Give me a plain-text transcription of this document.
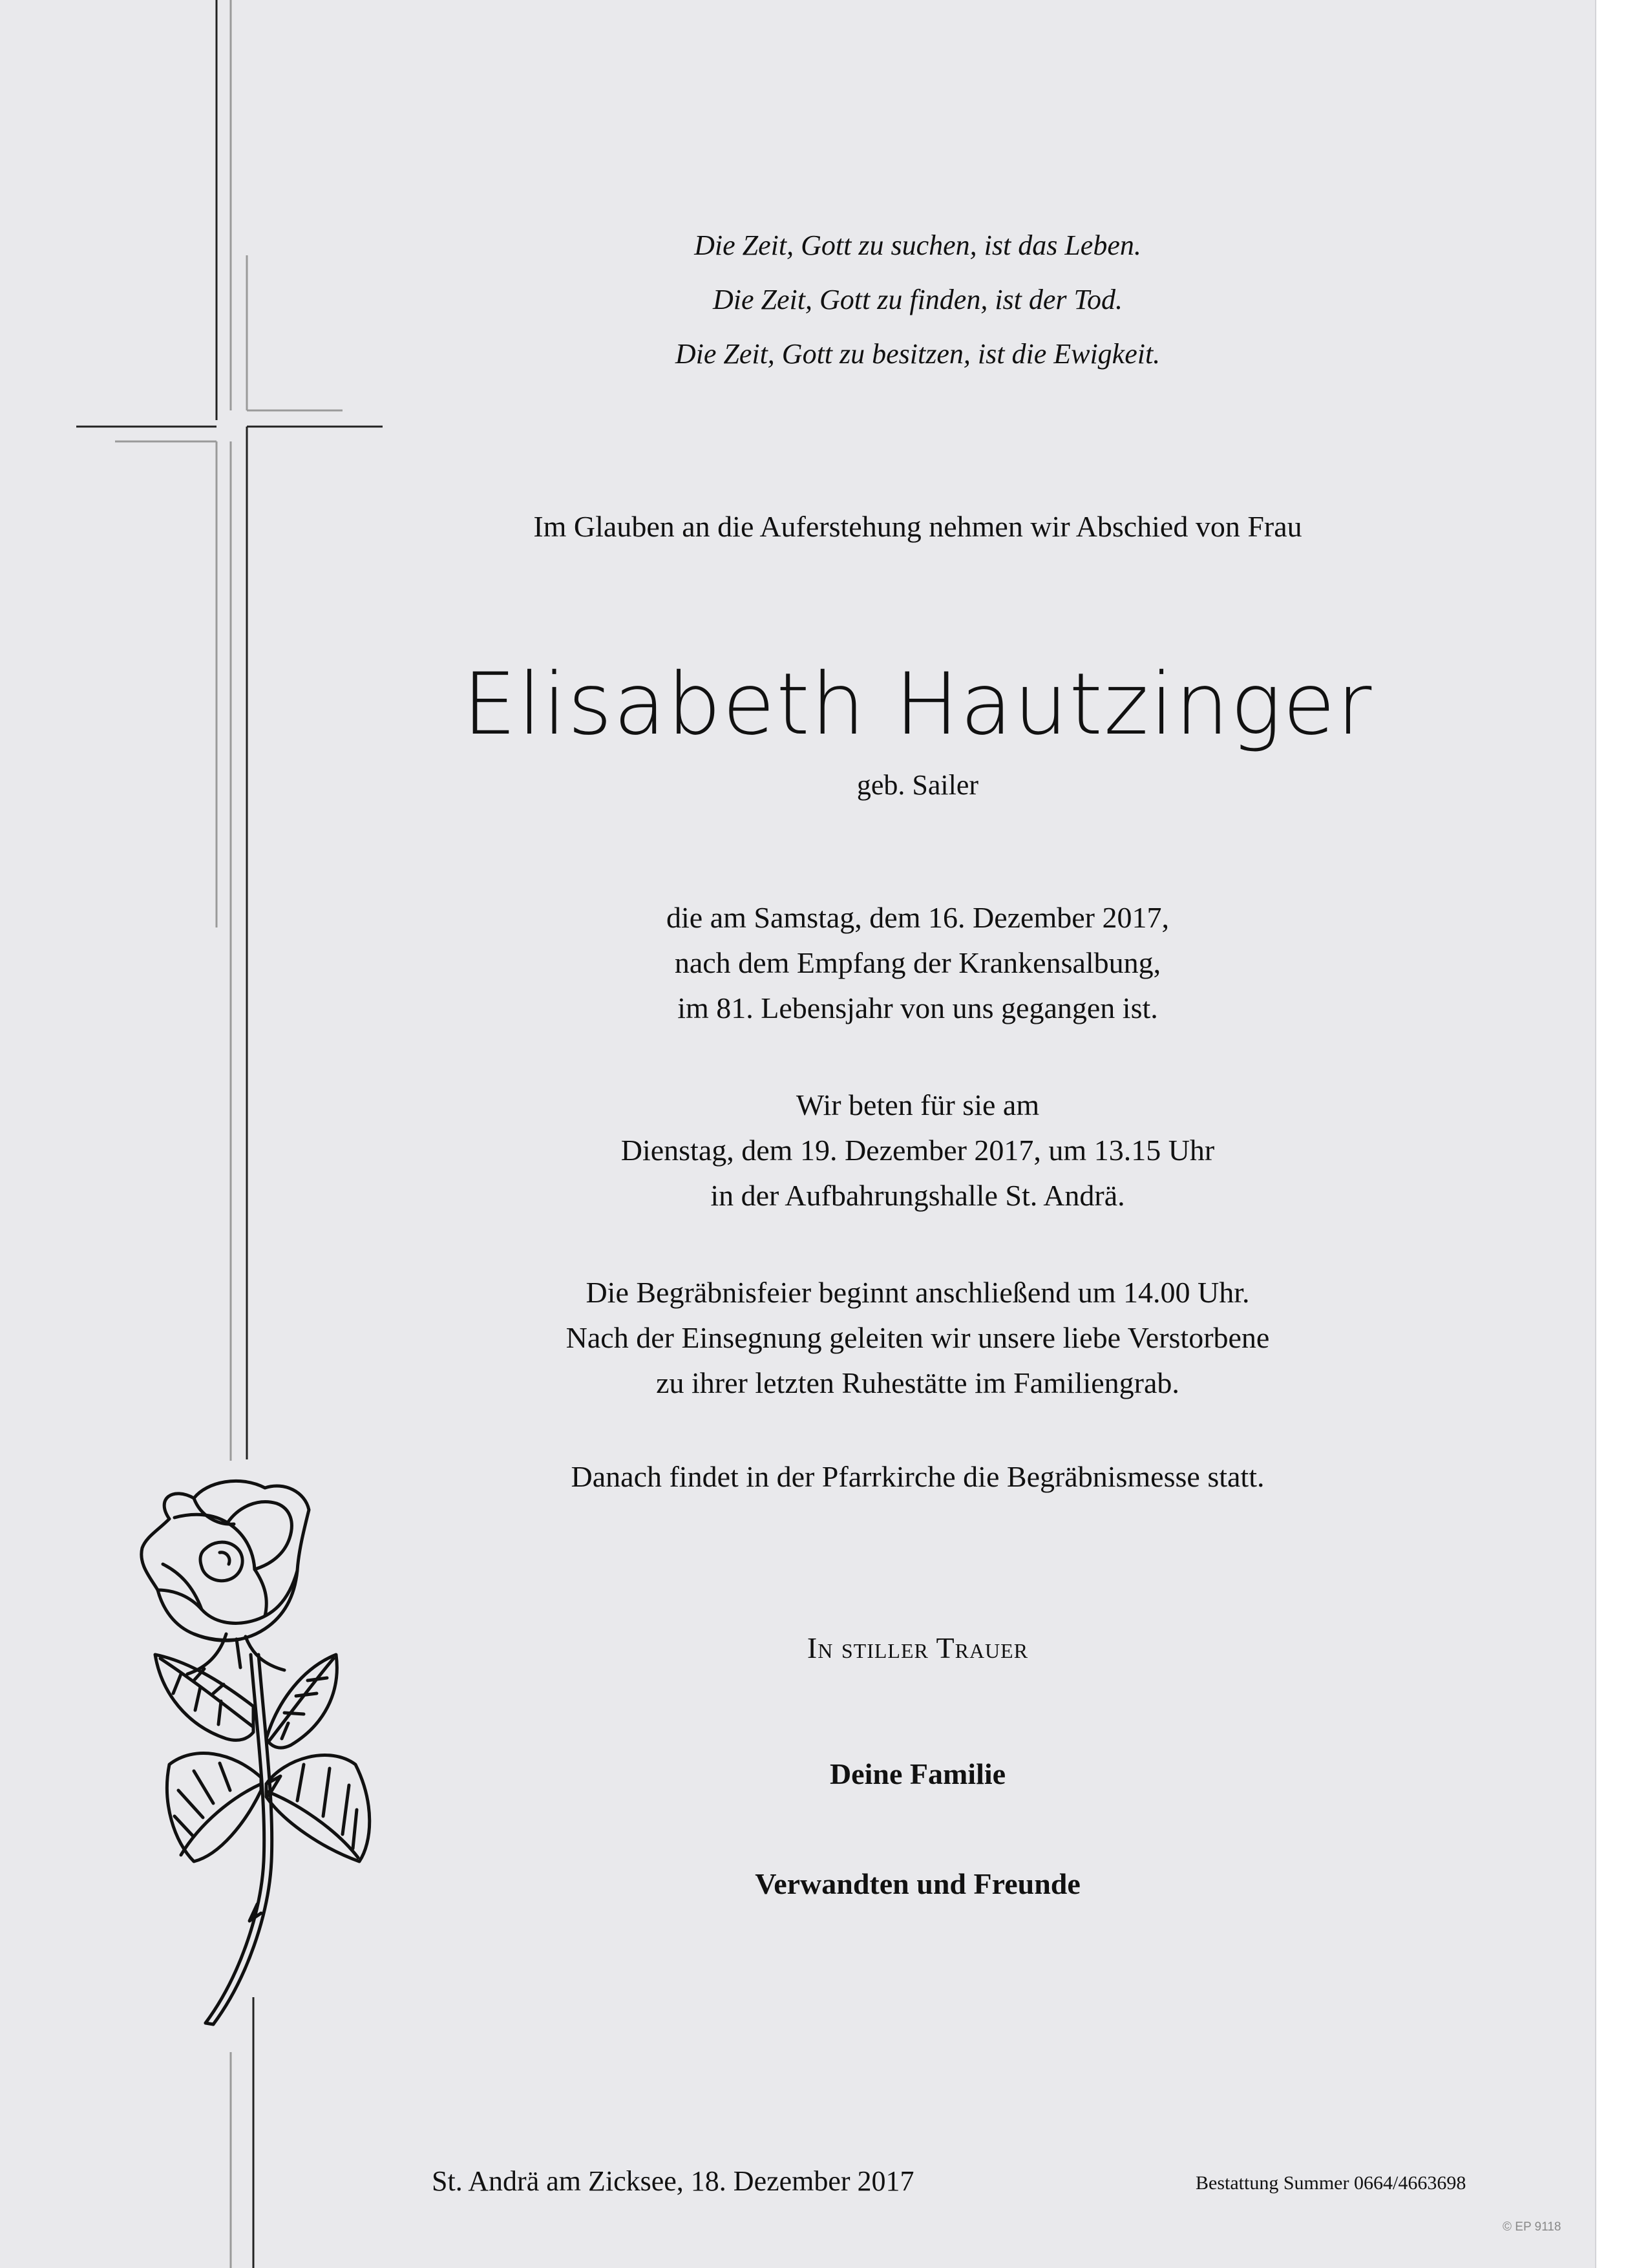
Die Zeit, Gott zu suchen, ist das Leben.
Die Zeit, Gott zu finden, ist der Tod.
Die Zeit, Gott zu besitzen, ist die Ewigkeit.
Im Glauben an die Auferstehung nehmen wir Abschied von Frau
Elisabeth Hautzinger
geb. Sailer
die am Samstag, dem 16. Dezember 2017,
nach dem Empfang der Krankensalbung,
im 81. Lebensjahr von uns gegangen ist.
Wir beten für sie am
Dienstag, dem 19. Dezember 2017, um 13.15 Uhr
in der Aufbahrungshalle St. Andrä.
Die Begräbnisfeier beginnt anschließend um 14.00 Uhr.
Nach der Einsegnung geleiten wir unsere liebe Verstorbene
zu ihrer letzten Ruhestätte im Familiengrab.
Danach findet in der Pfarrkirche die Begräbnismesse statt.
In stiller Trauer
Deine Familie
Verwandten und Freunde
St. Andrä am Zicksee, 18. Dezember 2017	Bestattung Summer 0664/4663698
© EP 9118
